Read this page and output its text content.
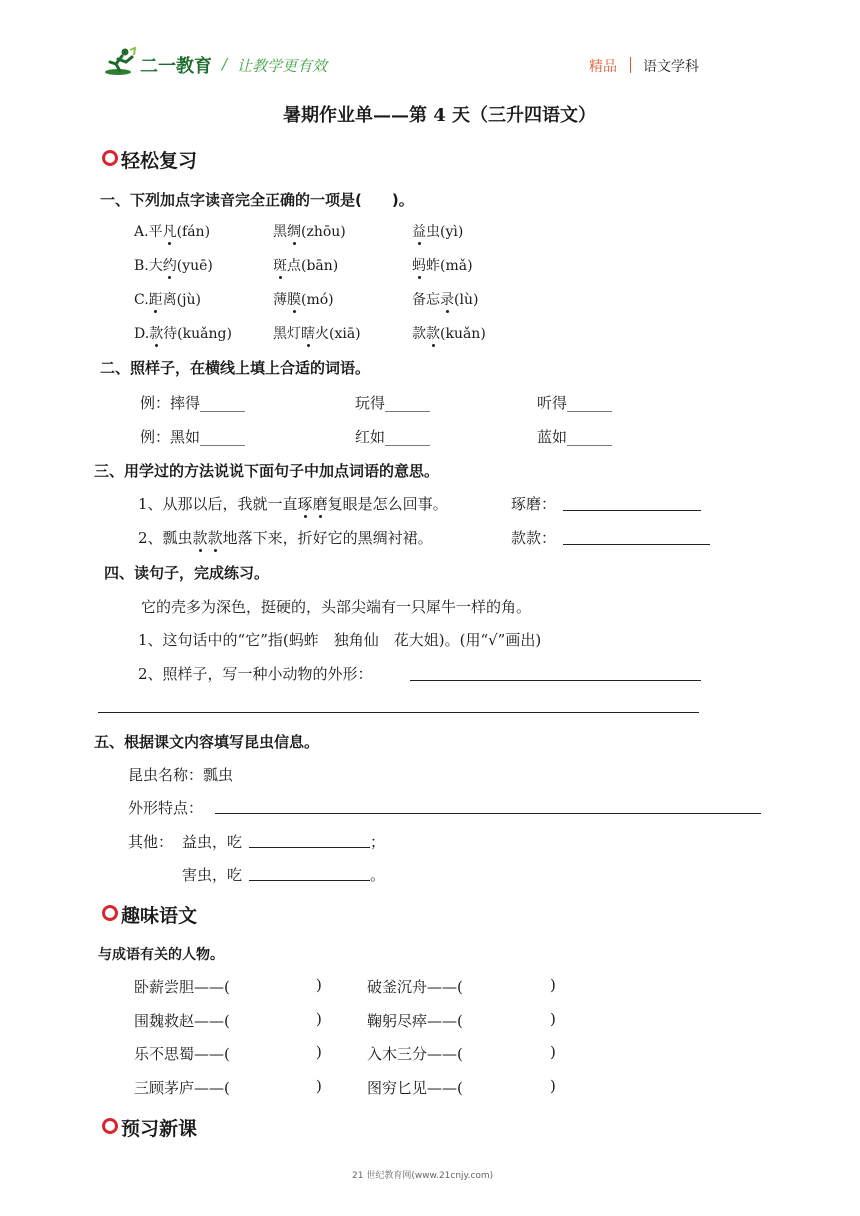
二一教育 / 让教学更有效	精品 语文学科
暑期作业单——第 4 天（三升四语文）
轻松复习
一、下列加点字读音完全正确的一项是(　　)。
A.平凡(fán)	黑绸(zhōu)	益虫(yì)
B.大约(yuē)	斑点(bān)	蚂蚱(mǎ)
C.距离(jù)	薄膜(mó)	备忘录(lù)
D.款待(kuǎng)	黑灯瞎火(xiā)	款款(kuǎn)
二、照样子，在横线上填上合适的词语。
例：摔得______	玩得______	听得______
例：黑如______	红如______	蓝如______
三、用学过的方法说说下面句子中加点词语的意思。
1、从那以后，我就一直琢磨复眼是怎么回事。	琢磨：
2、瓢虫款款地落下来，折好它的黑绸衬裙。	款款：
四、读句子，完成练习。
它的壳多为深色，挺硬的，头部尖端有一只犀牛一样的角。
1、这句话中的“它”指(蚂蚱　独角仙　花大姐)。(用“√”画出)
2、照样子，写一种小动物的外形：
五、根据课文内容填写昆虫信息。
昆虫名称：瓢虫
外形特点：
其他： 益虫，吃	；
害虫，吃	。
趣味语文
与成语有关的人物。
卧薪尝胆——(	)	破釜沉舟——(	)
围魏救赵——(	)	鞠躬尽瘁——(	)
乐不思蜀——(	)	入木三分——(	)
三顾茅庐——(	)	图穷匕见——(	)
预习新课
21 世纪教育网(www.21cnjy.com)
